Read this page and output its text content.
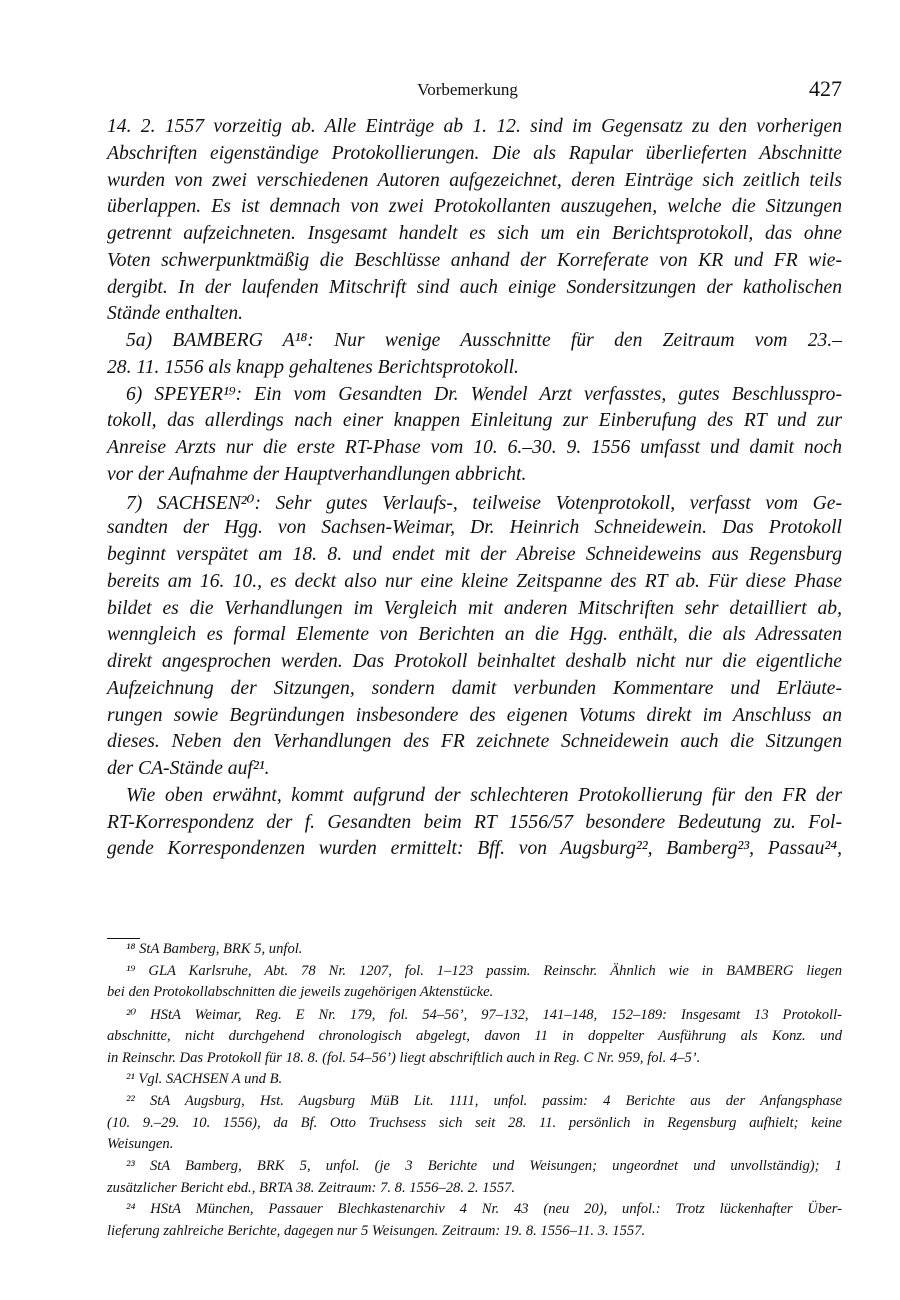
Vorbemerkung	427
14. 2. 1557 vorzeitig ab. Alle Einträge ab 1. 12. sind im Gegensatz zu den vorherigen
Abschriften eigenständige Protokollierungen. Die als Rapular überlieferten Abschnitte
wurden von zwei verschiedenen Autoren aufgezeichnet, deren Einträge sich zeitlich teils
überlappen. Es ist demnach von zwei Protokollanten auszugehen, welche die Sitzungen
getrennt aufzeichneten. Insgesamt handelt es sich um ein Berichtsprotokoll, das ohne
Voten schwerpunktmäßig die Beschlüsse anhand der Korreferate von KR und FR wie-
dergibt. In der laufenden Mitschrift sind auch einige Sondersitzungen der katholischen
Stände enthalten.
5a) BAMBERG A¹⁸: Nur wenige Ausschnitte für den Zeitraum vom 23.–
28. 11. 1556 als knapp gehaltenes Berichtsprotokoll.
6) SPEYER¹⁹: Ein vom Gesandten Dr. Wendel Arzt verfasstes, gutes Beschlusspro-
tokoll, das allerdings nach einer knappen Einleitung zur Einberufung des RT und zur
Anreise Arzts nur die erste RT-Phase vom 10. 6.–30. 9. 1556 umfasst und damit noch
vor der Aufnahme der Hauptverhandlungen abbricht.
7) SACHSEN²⁰: Sehr gutes Verlaufs-, teilweise Votenprotokoll, verfasst vom Ge-
sandten der Hgg. von Sachsen-Weimar, Dr. Heinrich Schneidewein. Das Protokoll
beginnt verspätet am 18. 8. und endet mit der Abreise Schneideweins aus Regensburg
bereits am 16. 10., es deckt also nur eine kleine Zeitspanne des RT ab. Für diese Phase
bildet es die Verhandlungen im Vergleich mit anderen Mitschriften sehr detailliert ab,
wenngleich es formal Elemente von Berichten an die Hgg. enthält, die als Adressaten
direkt angesprochen werden. Das Protokoll beinhaltet deshalb nicht nur die eigentliche
Aufzeichnung der Sitzungen, sondern damit verbunden Kommentare und Erläute-
rungen sowie Begründungen insbesondere des eigenen Votums direkt im Anschluss an
dieses. Neben den Verhandlungen des FR zeichnete Schneidewein auch die Sitzungen
der CA-Stände auf²¹.
Wie oben erwähnt, kommt aufgrund der schlechteren Protokollierung für den FR der
RT-Korrespondenz der f. Gesandten beim RT 1556/57 besondere Bedeutung zu. Fol-
gende Korrespondenzen wurden ermittelt: Bff. von Augsburg²², Bamberg²³, Passau²⁴,
¹⁸ StA Bamberg, BRK 5, unfol.
¹⁹ GLA Karlsruhe, Abt. 78 Nr. 1207, fol. 1–123 passim. Reinschr. Ähnlich wie in BAMBERG liegen
bei den Protokollabschnitten die jeweils zugehörigen Aktenstücke.
²⁰ HStA Weimar, Reg. E Nr. 179, fol. 54–56’, 97–132, 141–148, 152–189: Insgesamt 13 Protokoll-
abschnitte, nicht durchgehend chronologisch abgelegt, davon 11 in doppelter Ausführung als Konz. und
in Reinschr. Das Protokoll für 18. 8. (fol. 54–56’) liegt abschriftlich auch in Reg. C Nr. 959, fol. 4–5’.
²¹ Vgl. SACHSEN A und B.
²² StA Augsburg, Hst. Augsburg MüB Lit. 1111, unfol. passim: 4 Berichte aus der Anfangsphase
(10. 9.–29. 10. 1556), da Bf. Otto Truchsess sich seit 28. 11. persönlich in Regensburg aufhielt; keine
Weisungen.
²³ StA Bamberg, BRK 5, unfol. (je 3 Berichte und Weisungen; ungeordnet und unvollständig); 1
zusätzlicher Bericht ebd., BRTA 38. Zeitraum: 7. 8. 1556–28. 2. 1557.
²⁴ HStA München, Passauer Blechkastenarchiv 4 Nr. 43 (neu 20), unfol.: Trotz lückenhafter Über-
lieferung zahlreiche Berichte, dagegen nur 5 Weisungen. Zeitraum: 19. 8. 1556–11. 3. 1557.
